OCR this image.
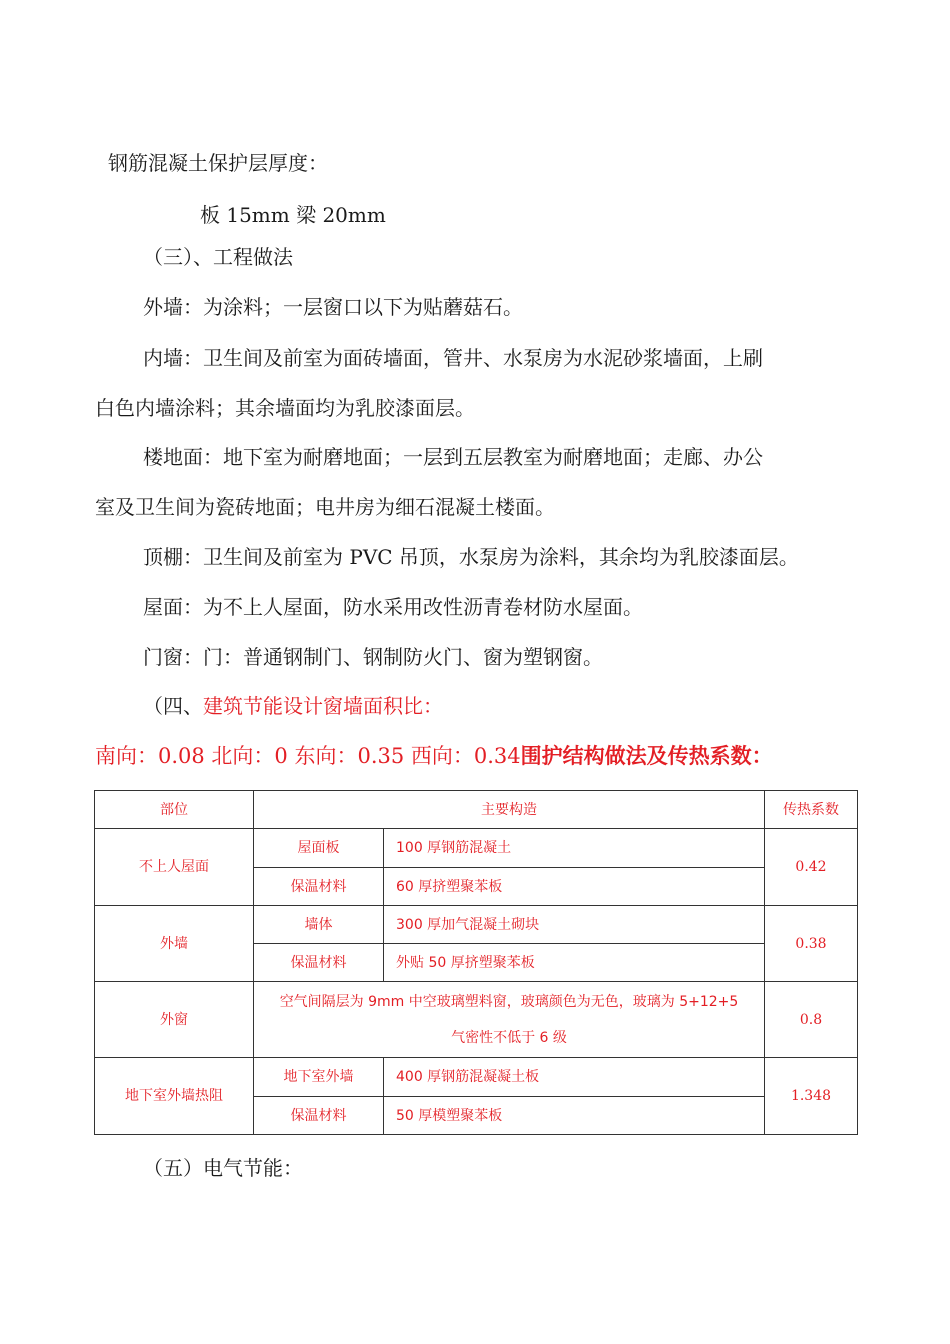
钢筋混凝土保护层厚度：
板 15mm 梁 20mm
（三）、工程做法
外墙：为涂料；一层窗口以下为贴蘑菇石。
内墙：卫生间及前室为面砖墙面，管井、水泵房为水泥砂浆墙面，上刷
白色内墙涂料；其余墙面均为乳胶漆面层。
楼地面：地下室为耐磨地面；一层到五层教室为耐磨地面；走廊、办公
室及卫生间为瓷砖地面；电井房为细石混凝土楼面。
顶棚：卫生间及前室为 PVC 吊顶，水泵房为涂料，其余均为乳胶漆面层。
屋面：为不上人屋面，防水采用改性沥青卷材防水屋面。
门窗：门：普通钢制门、钢制防火门、窗为塑钢窗。
（四、建筑节能设计窗墙面积比：
南向：0.08 北向：0 东向：0.35 西向：0.34围护结构做法及传热系数：
部位	主要构造		传热系数
不上人屋面	屋面板	100 厚钢筋混凝土	0.42
	保温材料	60 厚挤塑聚苯板	
外墙	墙体	300 厚加气混凝土砌块	0.38
	保温材料	外贴 50 厚挤塑聚苯板	
外窗	空气间隔层为 9mm 中空玻璃塑料窗，玻璃颜色为无色，玻璃为 5+12+5
气密性不低于 6 级		0.8
地下室外墙热阻	地下室外墙	400 厚钢筋混凝凝土板	1.348
	保温材料	50 厚模塑聚苯板	
（五）电气节能：
